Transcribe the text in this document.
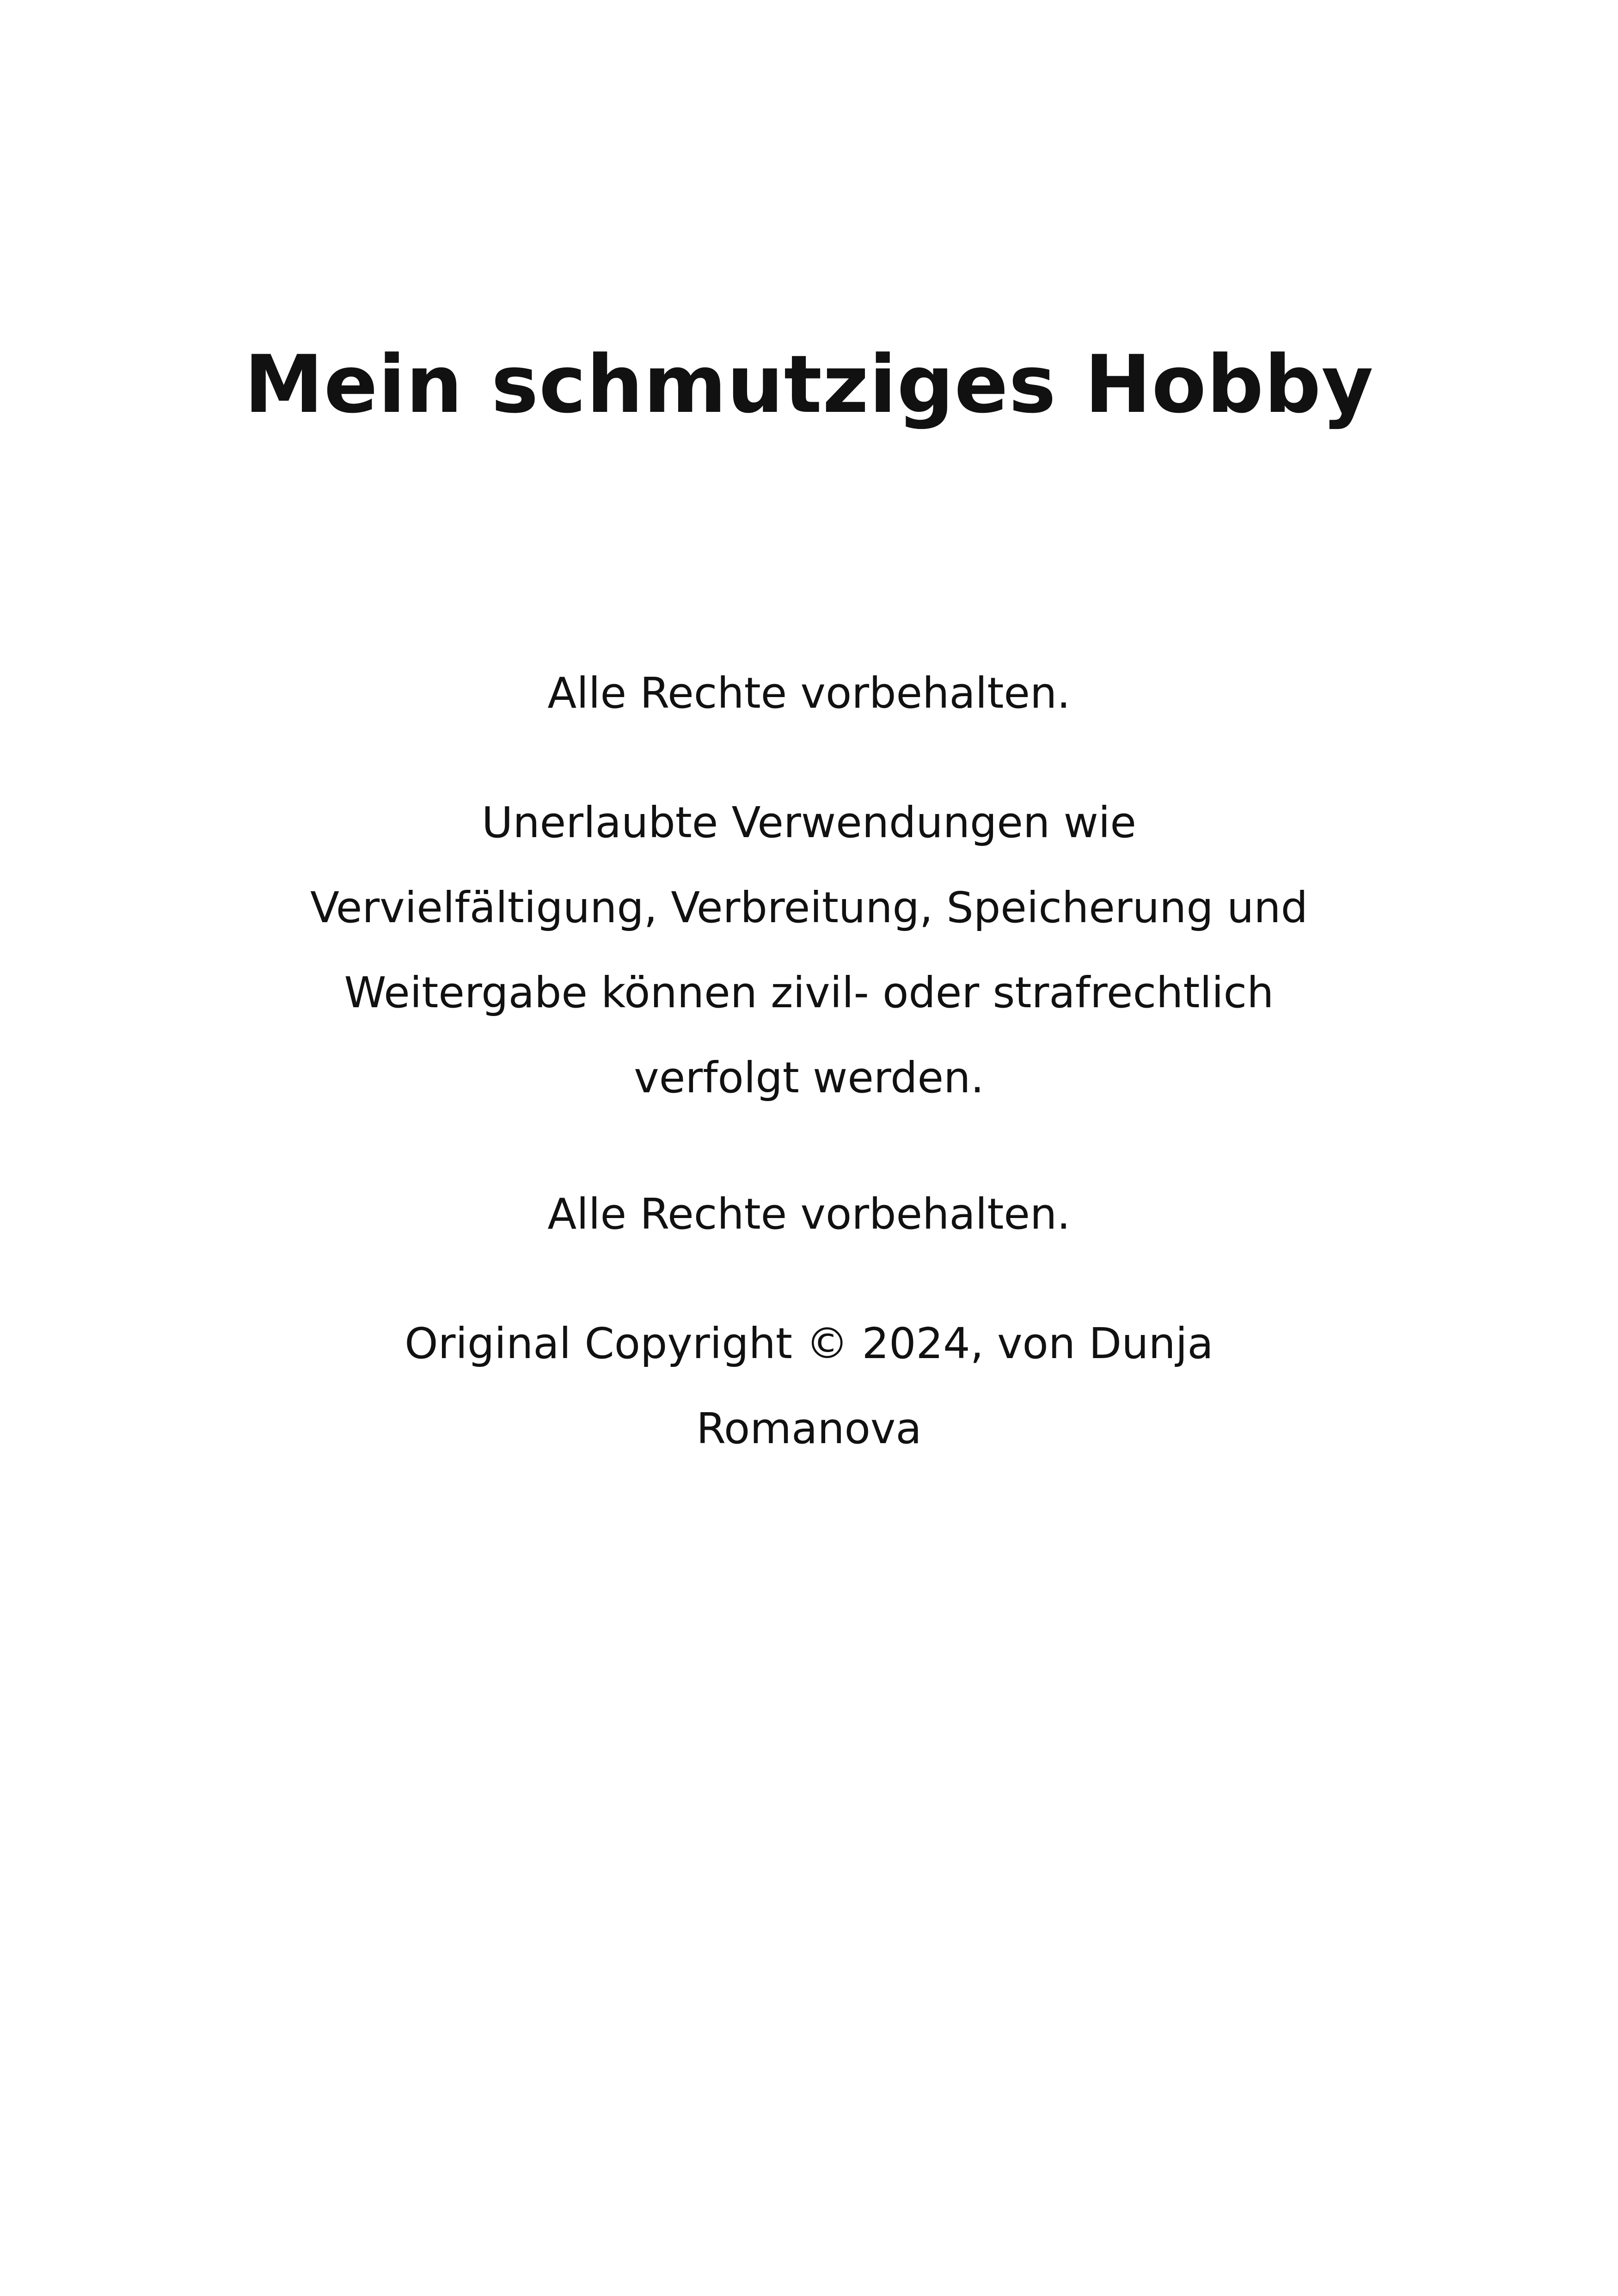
Mein schmutziges Hobby

Alle Rechte vorbehalten.

Unerlaubte Verwendungen wie
Vervielfältigung, Verbreitung, Speicherung und
Weitergabe können zivil- oder strafrechtlich
verfolgt werden.

Alle Rechte vorbehalten.

Original Copyright © 2024, von Dunja
Romanova
